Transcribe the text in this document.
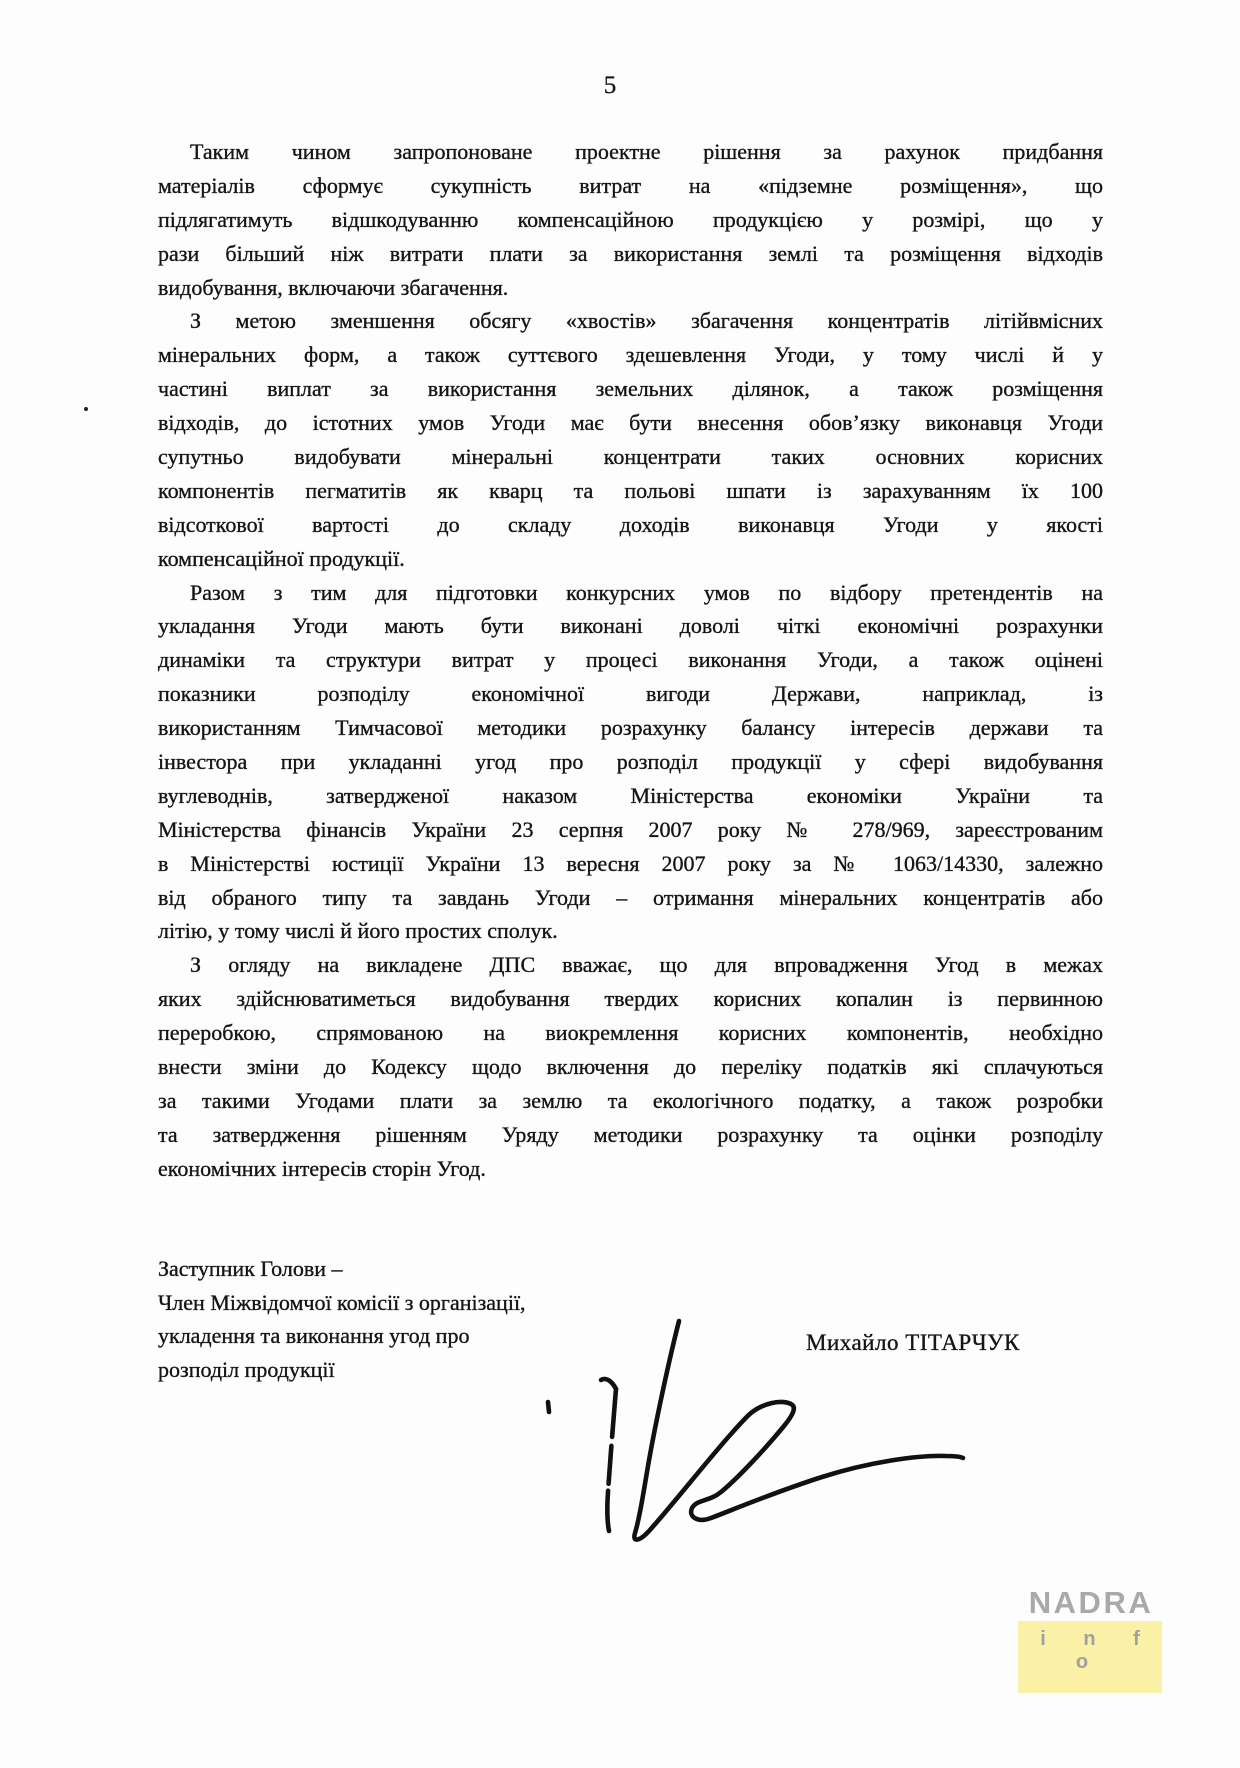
5
Таким чином запропоноване проектне рішення за рахунок придбання
матеріалів сформує сукупність витрат на «підземне розміщення», що
підлягатимуть відшкодуванню компенсаційною продукцією у розмірі, що у
рази більший ніж витрати плати за використання землі та розміщення відходів
видобування, включаючи збагачення.
З метою зменшення обсягу «хвостів» збагачення концентратів літійвмісних
мінеральних форм, а також суттєвого здешевлення Угоди, у тому числі й у
частині виплат за використання земельних ділянок, а також розміщення
відходів, до істотних умов Угоди має бути внесення обов’язку виконавця Угоди
супутньо видобувати мінеральні концентрати таких основних корисних
компонентів пегматитів як кварц та польові шпати із зарахуванням їх 100
відсоткової вартості до складу доходів виконавця Угоди у якості
компенсаційної продукції.
Разом з тим для підготовки конкурсних умов по відбору претендентів на
укладання Угоди мають бути виконані доволі чіткі економічні розрахунки
динаміки та структури витрат у процесі виконання Угоди, а також оцінені
показники розподілу економічної вигоди Держави, наприклад, із
використанням Тимчасової методики розрахунку балансу інтересів держави та
інвестора при укладанні угод про розподіл продукції у сфері видобування
вуглеводнів, затвердженої наказом Міністерства економіки України та
Міністерства фінансів України 23 серпня 2007 року № 278/969, зареєстрованим
в Міністерстві юстиції України 13 вересня 2007 року за № 1063/14330, залежно
від обраного типу та завдань Угоди – отримання мінеральних концентратів або
літію, у тому числі й його простих сполук.
З огляду на викладене ДПС вважає, що для впровадження Угод в межах
яких здійснюватиметься видобування твердих корисних копалин із первинною
переробкою, спрямованою на виокремлення корисних компонентів, необхідно
внести зміни до Кодексу щодо включення до переліку податків які сплачуються
за такими Угодами плати за землю та екологічного податку, а також розробки
та затвердження рішенням Уряду методики розрахунку та оцінки розподілу
економічних інтересів сторін Угод.
Заступник Голови –
Член Міжвідомчої комісії з організації,
укладення та виконання угод про
розподіл продукції
Михайло ТІТАРЧУК
NADRA
i n f o
